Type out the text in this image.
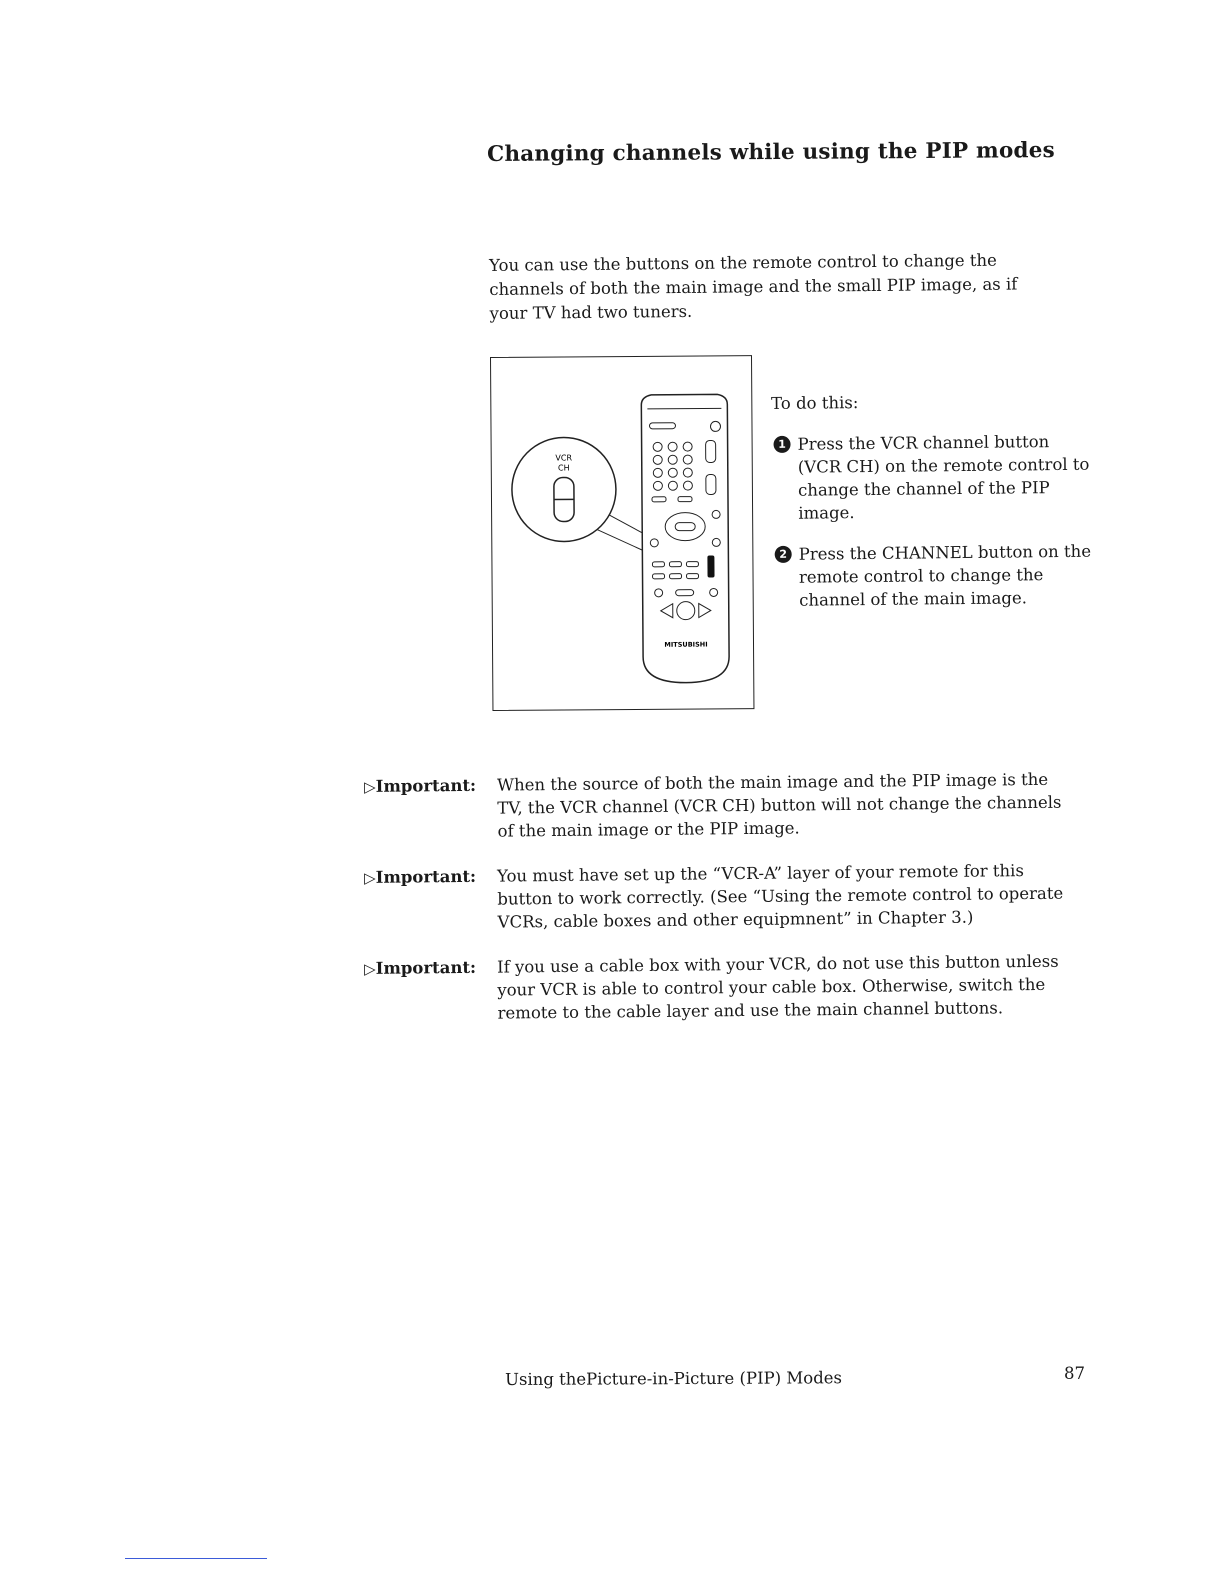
Changing channels while using the PIP modes

You can use the buttons on the remote control to change the channels of both the main image and the small PIP image, as if your TV had two tuners.

VCR
CH
MITSUBISHI

To do this:

1 Press the VCR channel button (VCR CH) on the remote control to change the channel of the PIP image.
2 Press the CHANNEL button on the remote control to change the channel of the main image.
▷Important: When the source of both the main image and the PIP image is the TV, the VCR channel (VCR CH) button will not change the channels of the main image or the PIP image.
▷Important: You must have set up the “VCR-A” layer of your remote for this button to work correctly. (See “Using the remote control to operate VCRs, cable boxes and other equipmnent” in Chapter 3.)
▷Important: If you use a cable box with your VCR, do not use this button unless your VCR is able to control your cable box. Otherwise, switch the remote to the cable layer and use the main channel buttons.
Using thePicture-in-Picture (PIP) Modes	87
